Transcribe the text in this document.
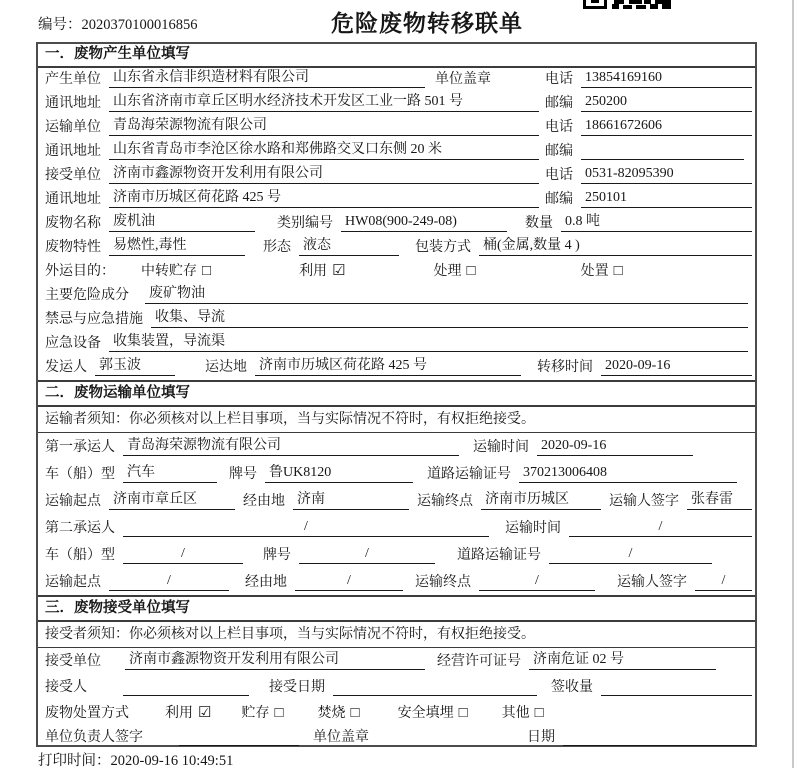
编号：2020370100016856	危险废物转移联单
一．废物产生单位填写
产生单位 山东省永信非织造材料有限公司	单位盖章	电话 13854169160
通讯地址 山东省济南市章丘区明水经济技术开发区工业一路 501 号	邮编 250200
运输单位 青岛海荣源物流有限公司	电话 18661672606
通讯地址 山东省青岛市李沧区徐水路和郑佛路交叉口东侧 20 米	邮编
接受单位 济南市鑫源物资开发利用有限公司	电话 0531-82095390
通讯地址 济南市历城区荷花路 425 号	邮编 250101
废物名称 废机油	类别编号 HW08(900-249-08)	数量 0.8 吨
废物特性 易燃性,毒性	形态 液态	包装方式 桶(金属,数量 4 )
外运目的： 中转贮存 □	利用 ☑	处理 □	处置 □
主要危险成分 废矿物油
禁忌与应急措施 收集、导流
应急设备 收集装置，导流渠
发运人 郭玉波	运达地 济南市历城区荷花路 425 号	转移时间 2020-09-16
二．废物运输单位填写
运输者须知：你必须核对以上栏目事项，当与实际情况不符时，有权拒绝接受。
第一承运人 青岛海荣源物流有限公司	运输时间 2020-09-16
车（船）型 汽车	牌号 鲁UK8120	道路运输证号 370213006408
运输起点 济南市章丘区	经由地 济南	运输终点 济南市历城区	运输人签字 张春雷
第二承运人	/	运输时间	/
车（船）型	/	牌号	/	道路运输证号	/
运输起点	/	经由地	/	运输终点	/	运输人签字	/
三．废物接受单位填写
接受者须知：你必须核对以上栏目事项，当与实际情况不符时，有权拒绝接受。
接受单位 济南市鑫源物资开发利用有限公司	经营许可证号 济南危证 02 号
接受人	接受日期	签收量
废物处置方式	利用 ☑ 贮存 □ 焚烧 □	安全填埋 □ 其他 □
单位负责人签字	单位盖章	日期
打印时间：2020-09-16 10:49:51
